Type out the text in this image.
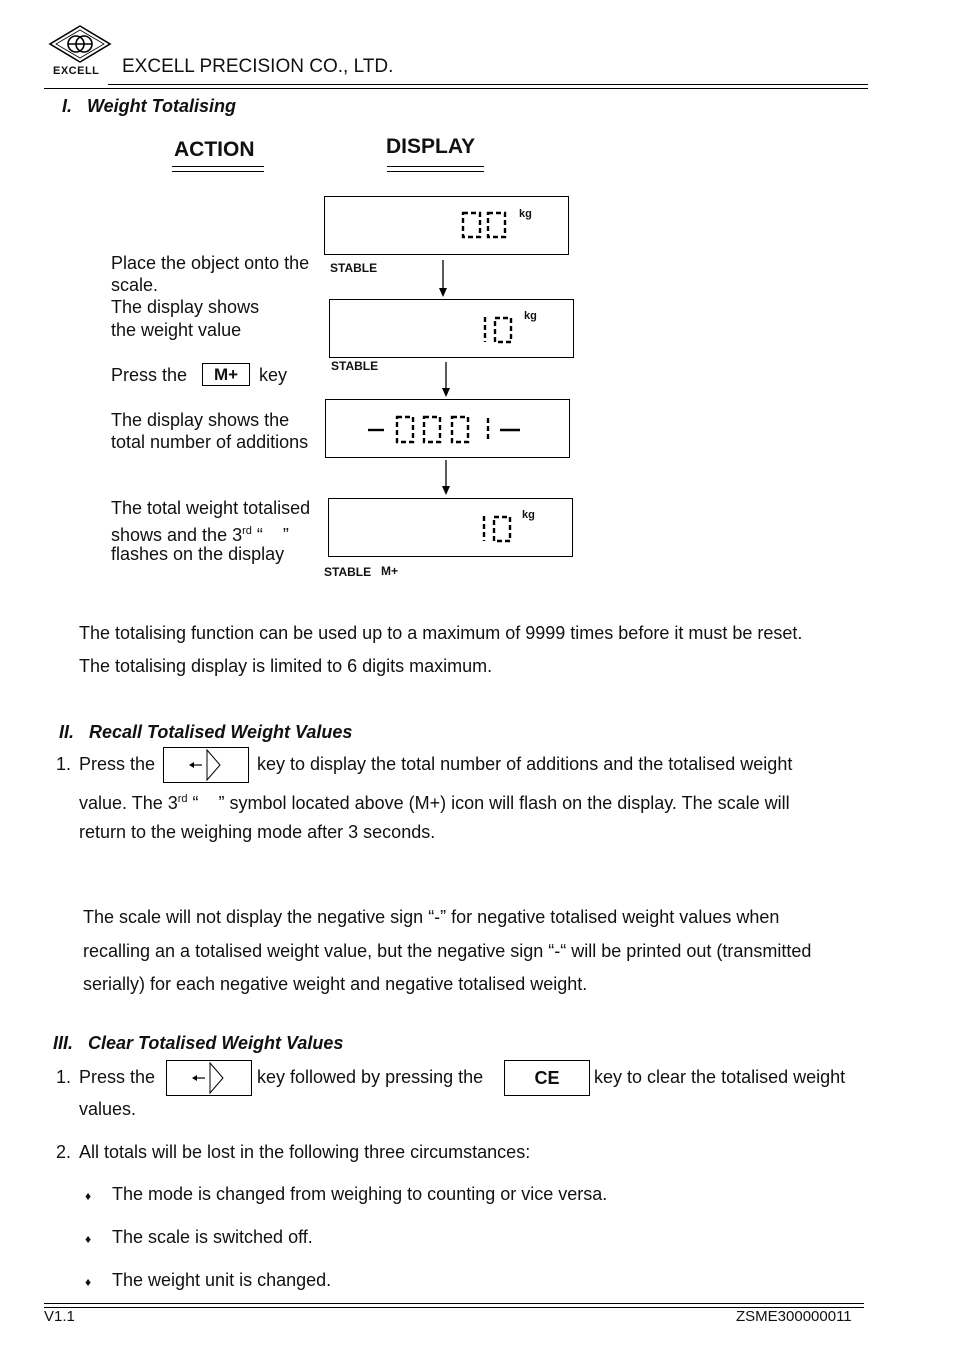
EXCELL EXCELL PRECISION CO., LTD.
I.   Weight Totalising
ACTION	DISPLAY
Place the object onto the
scale.
The display shows
the weight value
Press the	M+	key
The display shows the
total number of additions
The total weight totalised
shows and the 3rd “    ”
flashes on the display
kg
STABLE
kg
STABLE
kg
STABLE M+
The totalising function can be used up to a maximum of 9999 times before it must be reset.
The totalising display is limited to 6 digits maximum.
II.   Recall Totalised Weight Values
1. Press the	key to display the total number of additions and the totalised weight
value. The 3rd “    ” symbol located above (M+) icon will flash on the display. The scale will
return to the weighing mode after 3 seconds.
The scale will not display the negative sign “-” for negative totalised weight values when
recalling an a totalised weight value, but the negative sign “-“ will be printed out (transmitted
serially) for each negative weight and negative totalised weight.
III.   Clear Totalised Weight Values
1. Press the	key followed by pressing the	CE	key to clear the totalised weight
values.
2. All totals will be lost in the following three circumstances:
♦ The mode is changed from weighing to counting or vice versa.
♦ The scale is switched off.
♦ The weight unit is changed.
V1.1	ZSME300000011
